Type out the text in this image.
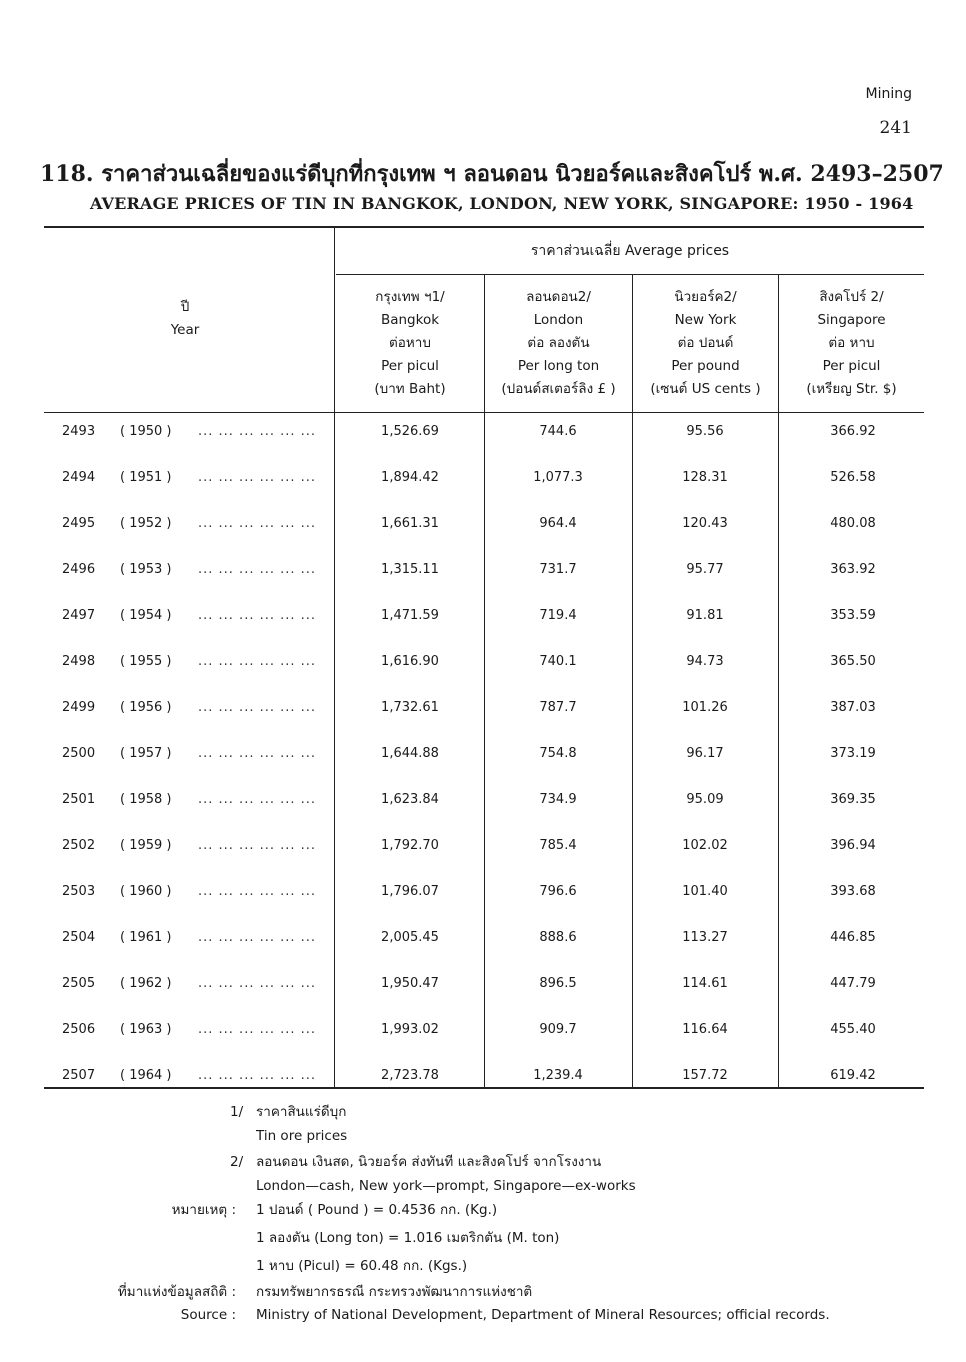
Mining
241
118. ราคาส่วนเฉลี่ยของแร่ดีบุกที่กรุงเทพ ฯ ลอนดอน นิวยอร์คและสิงคโปร์ พ.ศ. 2493–2507
AVERAGE PRICES OF TIN IN BANGKOK, LONDON, NEW YORK, SINGAPORE: 1950 - 1964
ราคาส่วนเฉลี่ย Average prices
ปี
Year
กรุงเทพ ฯ1/
Bangkok
ต่อหาบ
Per picul
(บาท Baht)
ลอนดอน2/
London
ต่อ ลองตัน
Per long ton
(ปอนด์สเตอร์ลิง £ )
นิวยอร์ค2/
New York
ต่อ ปอนด์
Per pound
(เซนต์ US cents )
สิงคโปร์ 2/
Singapore
ต่อ หาบ
Per picul
(เหรียญ Str. $)
2493	( 1950 )	... ... ... ... ... ...	1,526.69	744.6	95.56	366.92
2494	( 1951 )	... ... ... ... ... ...	1,894.42	1,077.3	128.31	526.58
2495	( 1952 )	... ... ... ... ... ...	1,661.31	964.4	120.43	480.08
2496	( 1953 )	... ... ... ... ... ...	1,315.11	731.7	95.77	363.92
2497	( 1954 )	... ... ... ... ... ...	1,471.59	719.4	91.81	353.59
2498	( 1955 )	... ... ... ... ... ...	1,616.90	740.1	94.73	365.50
2499	( 1956 )	... ... ... ... ... ...	1,732.61	787.7	101.26	387.03
2500	( 1957 )	... ... ... ... ... ...	1,644.88	754.8	96.17	373.19
2501	( 1958 )	... ... ... ... ... ...	1,623.84	734.9	95.09	369.35
2502	( 1959 )	... ... ... ... ... ...	1,792.70	785.4	102.02	396.94
2503	( 1960 )	... ... ... ... ... ...	1,796.07	796.6	101.40	393.68
2504	( 1961 )	... ... ... ... ... ...	2,005.45	888.6	113.27	446.85
2505	( 1962 )	... ... ... ... ... ...	1,950.47	896.5	114.61	447.79
2506	( 1963 )	... ... ... ... ... ...	1,993.02	909.7	116.64	455.40
2507	( 1964 )	... ... ... ... ... ...	2,723.78	1,239.4	157.72	619.42
1/ ราคาสินแร่ดีบุก
Tin ore prices
2/ ลอนดอน เงินสด, นิวยอร์ค ส่งทันที และสิงคโปร์ จากโรงงาน
London—cash, New york—prompt, Singapore—ex-works
หมายเหตุ : 1 ปอนด์ ( Pound ) = 0.4536 กก. (Kg.)
1 ลองตัน (Long ton) = 1.016 เมตริกตัน (M. ton)
1 หาบ (Picul) = 60.48 กก. (Kgs.)
ที่มาแห่งข้อมูลสถิติ : กรมทรัพยากรธรณี กระทรวงพัฒนาการแห่งชาติ
Source : Ministry of National Development, Department of Mineral Resources; official records.
